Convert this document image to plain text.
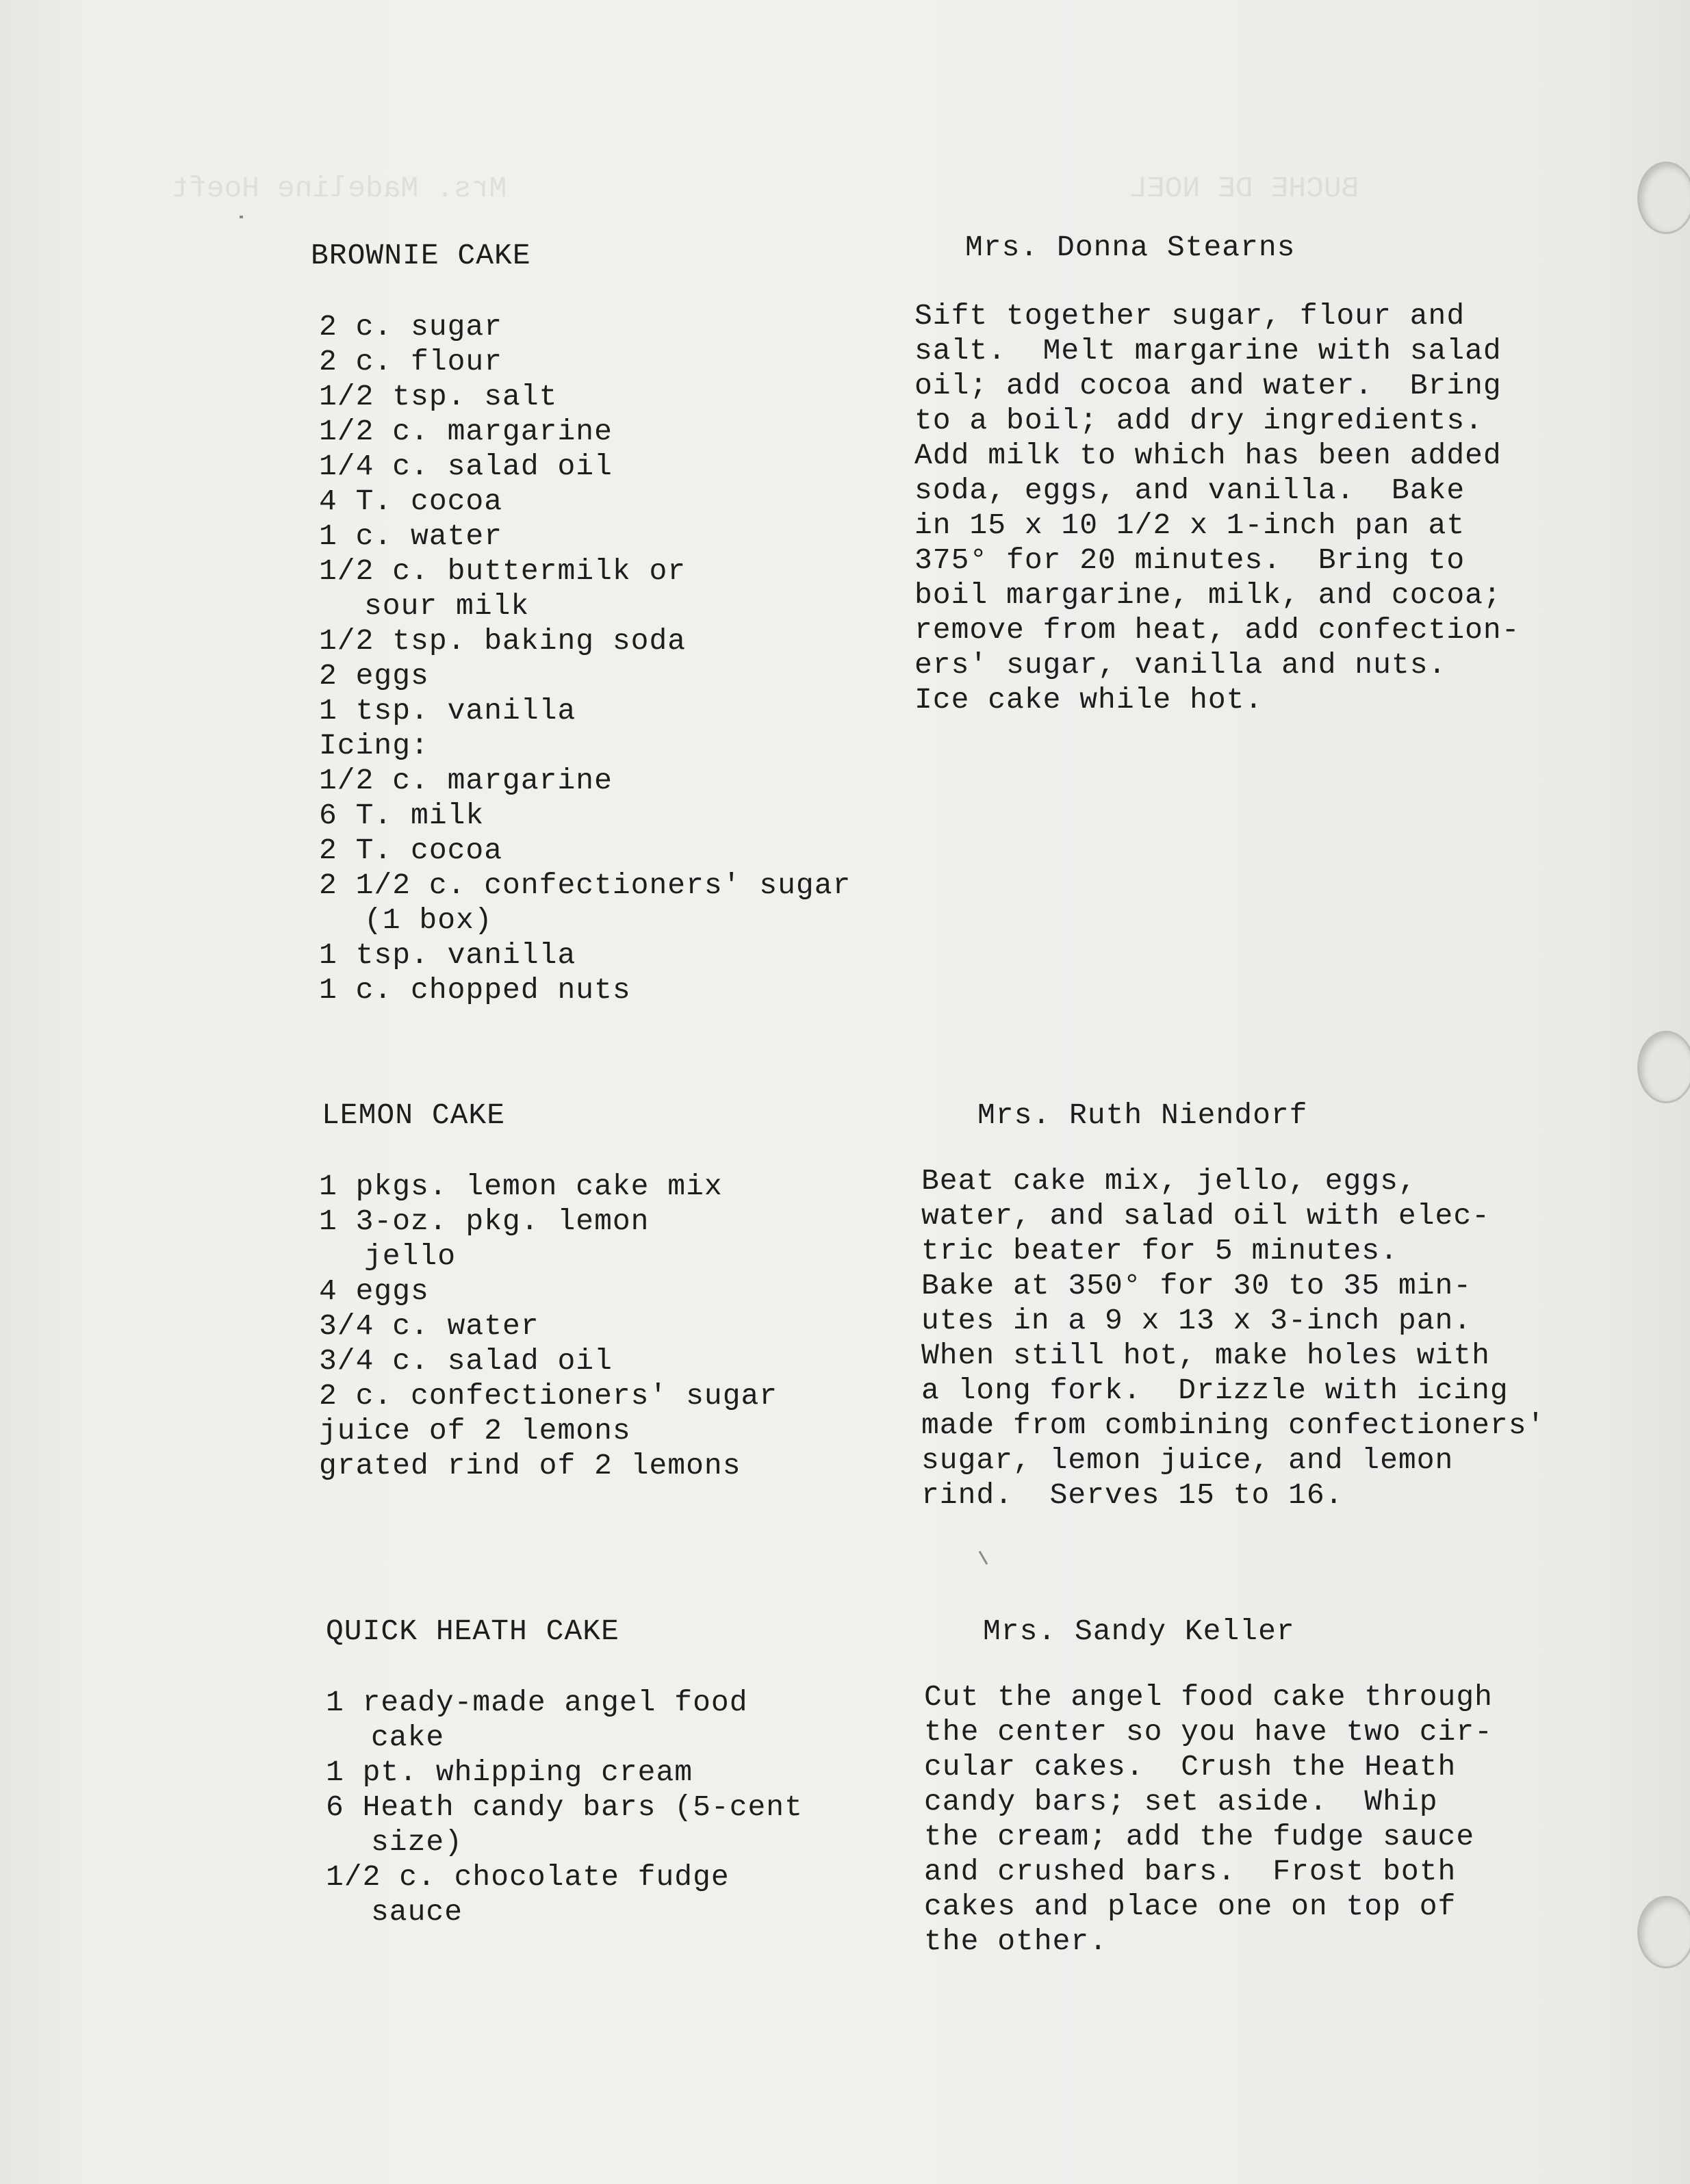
Mrs. Madeline Hoeft	BUCHE DE NOEL
BROWNIE CAKE	Mrs. Donna Stearns
2 c. sugar
2 c. flour
1/2 tsp. salt
1/2 c. margarine
1/4 c. salad oil
4 T. cocoa
1 c. water
1/2 c. buttermilk or
sour milk
1/2 tsp. baking soda
2 eggs
1 tsp. vanilla
Icing:
1/2 c. margarine
6 T. milk
2 T. cocoa
2 1/2 c. confectioners' sugar
(1 box)
1 tsp. vanilla
1 c. chopped nuts
Sift together sugar, flour and
salt.  Melt margarine with salad
oil; add cocoa and water.  Bring
to a boil; add dry ingredients.
Add milk to which has been added
soda, eggs, and vanilla.  Bake
in 15 x 10 1/2 x 1-inch pan at
375° for 20 minutes.  Bring to
boil margarine, milk, and cocoa;
remove from heat, add confection-
ers' sugar, vanilla and nuts.
Ice cake while hot.
LEMON CAKE	Mrs. Ruth Niendorf
1 pkgs. lemon cake mix
1 3-oz. pkg. lemon
jello
4 eggs
3/4 c. water
3/4 c. salad oil
2 c. confectioners' sugar
juice of 2 lemons
grated rind of 2 lemons
Beat cake mix, jello, eggs,
water, and salad oil with elec-
tric beater for 5 minutes.
Bake at 350° for 30 to 35 min-
utes in a 9 x 13 x 3-inch pan.
When still hot, make holes with
a long fork.  Drizzle with icing
made from combining confectioners'
sugar, lemon juice, and lemon
rind.  Serves 15 to 16.
QUICK HEATH CAKE	Mrs. Sandy Keller
1 ready-made angel food
cake
1 pt. whipping cream
6 Heath candy bars (5-cent
size)
1/2 c. chocolate fudge
sauce
Cut the angel food cake through
the center so you have two cir-
cular cakes.  Crush the Heath
candy bars; set aside.  Whip
the cream; add the fudge sauce
and crushed bars.  Frost both
cakes and place one on top of
the other.
